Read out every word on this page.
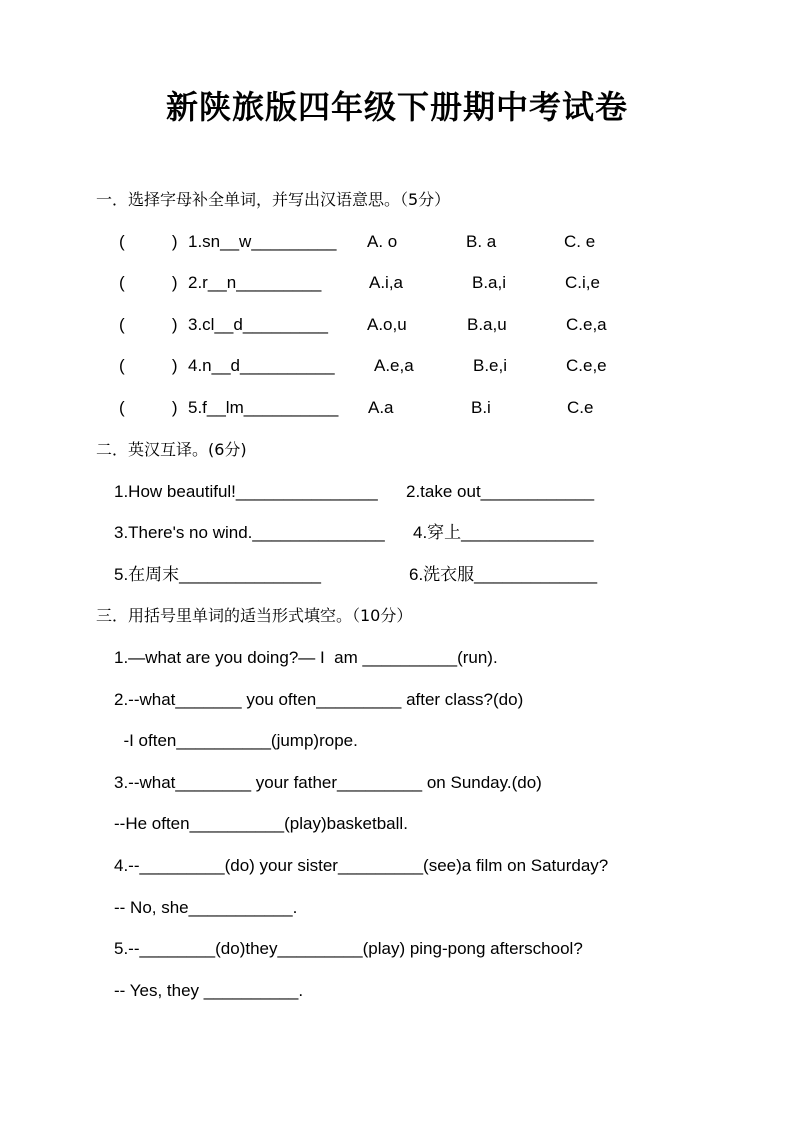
新陕旅版四年级下册期中考试卷
一．选择字母补全单词，并写出汉语意思。（5分）
(          ) 1.sn__w_________ A. o	B. a	C. e
(          ) 2.r__n_________	A.i,a	B.a,i	C.i,e
(          ) 3.cl__d_________ A.o,u	B.a,u	C.e,a
(          ) 4.n__d__________ A.e,a	B.e,i	C.e,e
(          ) 5.f__lm__________ A.a	B.i	C.e
二．英汉互译。(6分)
1.How beautiful!_______________ 2.take out____________
3.There's no wind.______________ 4.穿上______________
5.在周末_______________	6.洗衣服_____________
三．用括号里单词的适当形式填空。（10分）
1.—what are you doing?— I  am __________(run).
2.--what_______ you often_________ after class?(do)
-I often__________(jump)rope.
3.--what________ your father_________ on Sunday.(do)
--He often__________(play)basketball.
4.--_________(do) your sister_________(see)a film on Saturday?
-- No, she___________.
5.--________(do)they_________(play) ping-pong afterschool?
-- Yes, they __________.
